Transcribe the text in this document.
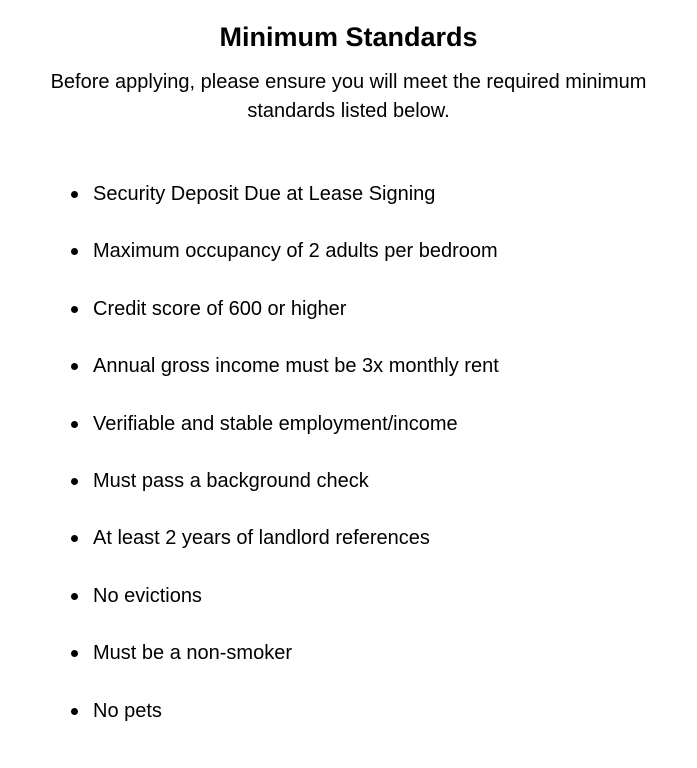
Minimum Standards

Before applying, please ensure you will meet the required minimum standards listed below.

Security Deposit Due at Lease Signing
Maximum occupancy of 2 adults per bedroom
Credit score of 600 or higher
Annual gross income must be 3x monthly rent
Verifiable and stable employment/income
Must pass a background check
At least 2 years of landlord references
No evictions
Must be a non-smoker
No pets
